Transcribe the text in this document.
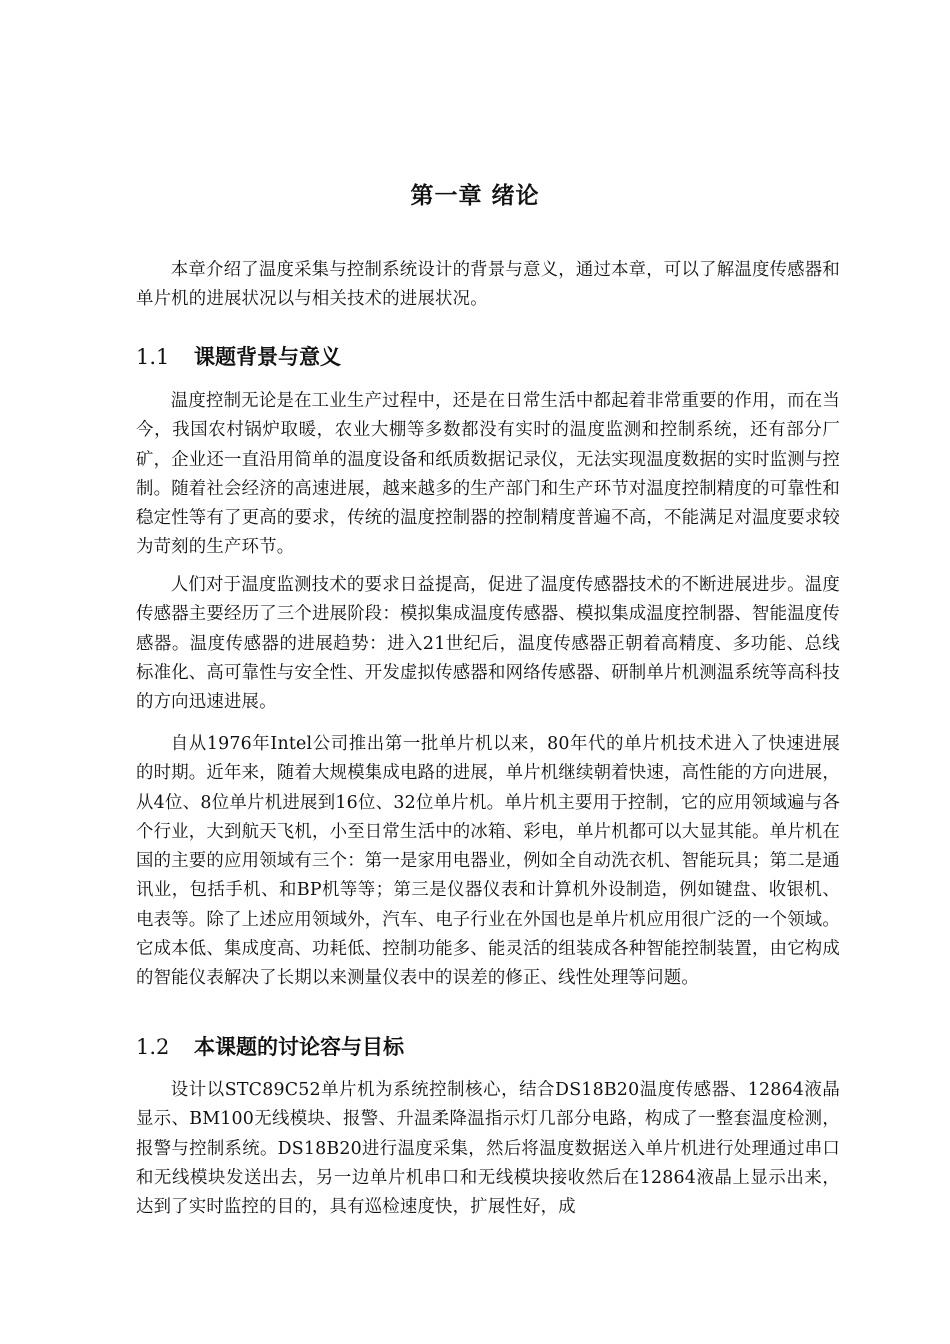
第一章 绪论

本章介绍了温度采集与控制系统设计的背景与意义，通过本章，可以了解温度传感器和单片机的进展状况以与相关技术的进展状况。

1.1 课题背景与意义

温度控制无论是在工业生产过程中，还是在日常生活中都起着非常重要的作用，而在当今，我国农村锅炉取暖，农业大棚等多数都没有实时的温度监测和控制系统，还有部分厂矿，企业还一直沿用简单的温度设备和纸质数据记录仪，无法实现温度数据的实时监测与控制。随着社会经济的高速进展，越来越多的生产部门和生产环节对温度控制精度的可靠性和稳定性等有了更高的要求，传统的温度控制器的控制精度普遍不高，不能满足对温度要求较为苛刻的生产环节。

人们对于温度监测技术的要求日益提高，促进了温度传感器技术的不断进展进步。温度传感器主要经历了三个进展阶段：模拟集成温度传感器、模拟集成温度控制器、智能温度传感器。温度传感器的进展趋势：进入21世纪后，温度传感器正朝着高精度、多功能、总线标准化、高可靠性与安全性、开发虚拟传感器和网络传感器、研制单片机测温系统等高科技的方向迅速进展。

自从1976年Intel公司推出第一批单片机以来，80年代的单片机技术进入了快速进展的时期。近年来，随着大规模集成电路的进展，单片机继续朝着快速，高性能的方向进展，从4位、8位单片机进展到16位、32位单片机。单片机主要用于控制，它的应用领域遍与各个行业，大到航天飞机，小至日常生活中的冰箱、彩电，单片机都可以大显其能。单片机在国的主要的应用领域有三个：第一是家用电器业，例如全自动洗衣机、智能玩具；第二是通讯业，包括手机、和BP机等等；第三是仪器仪表和计算机外设制造，例如键盘、收银机、电表等。除了上述应用领域外，汽车、电子行业在外国也是单片机应用很广泛的一个领域。它成本低、集成度高、功耗低、控制功能多、能灵活的组装成各种智能控制装置，由它构成的智能仪表解决了长期以来测量仪表中的误差的修正、线性处理等问题。

1.2 本课题的讨论容与目标

设计以STC89C52单片机为系统控制核心，结合DS18B20温度传感器、12864液晶显示、BM100无线模块、报警、升温柔降温指示灯几部分电路，构成了一整套温度检测，报警与控制系统。DS18B20进行温度采集，然后将温度数据送入单片机进行处理通过串口和无线模块发送出去，另一边单片机串口和无线模块接收然后在12864液晶上显示出来，达到了实时监控的目的，具有巡检速度快，扩展性好，成
